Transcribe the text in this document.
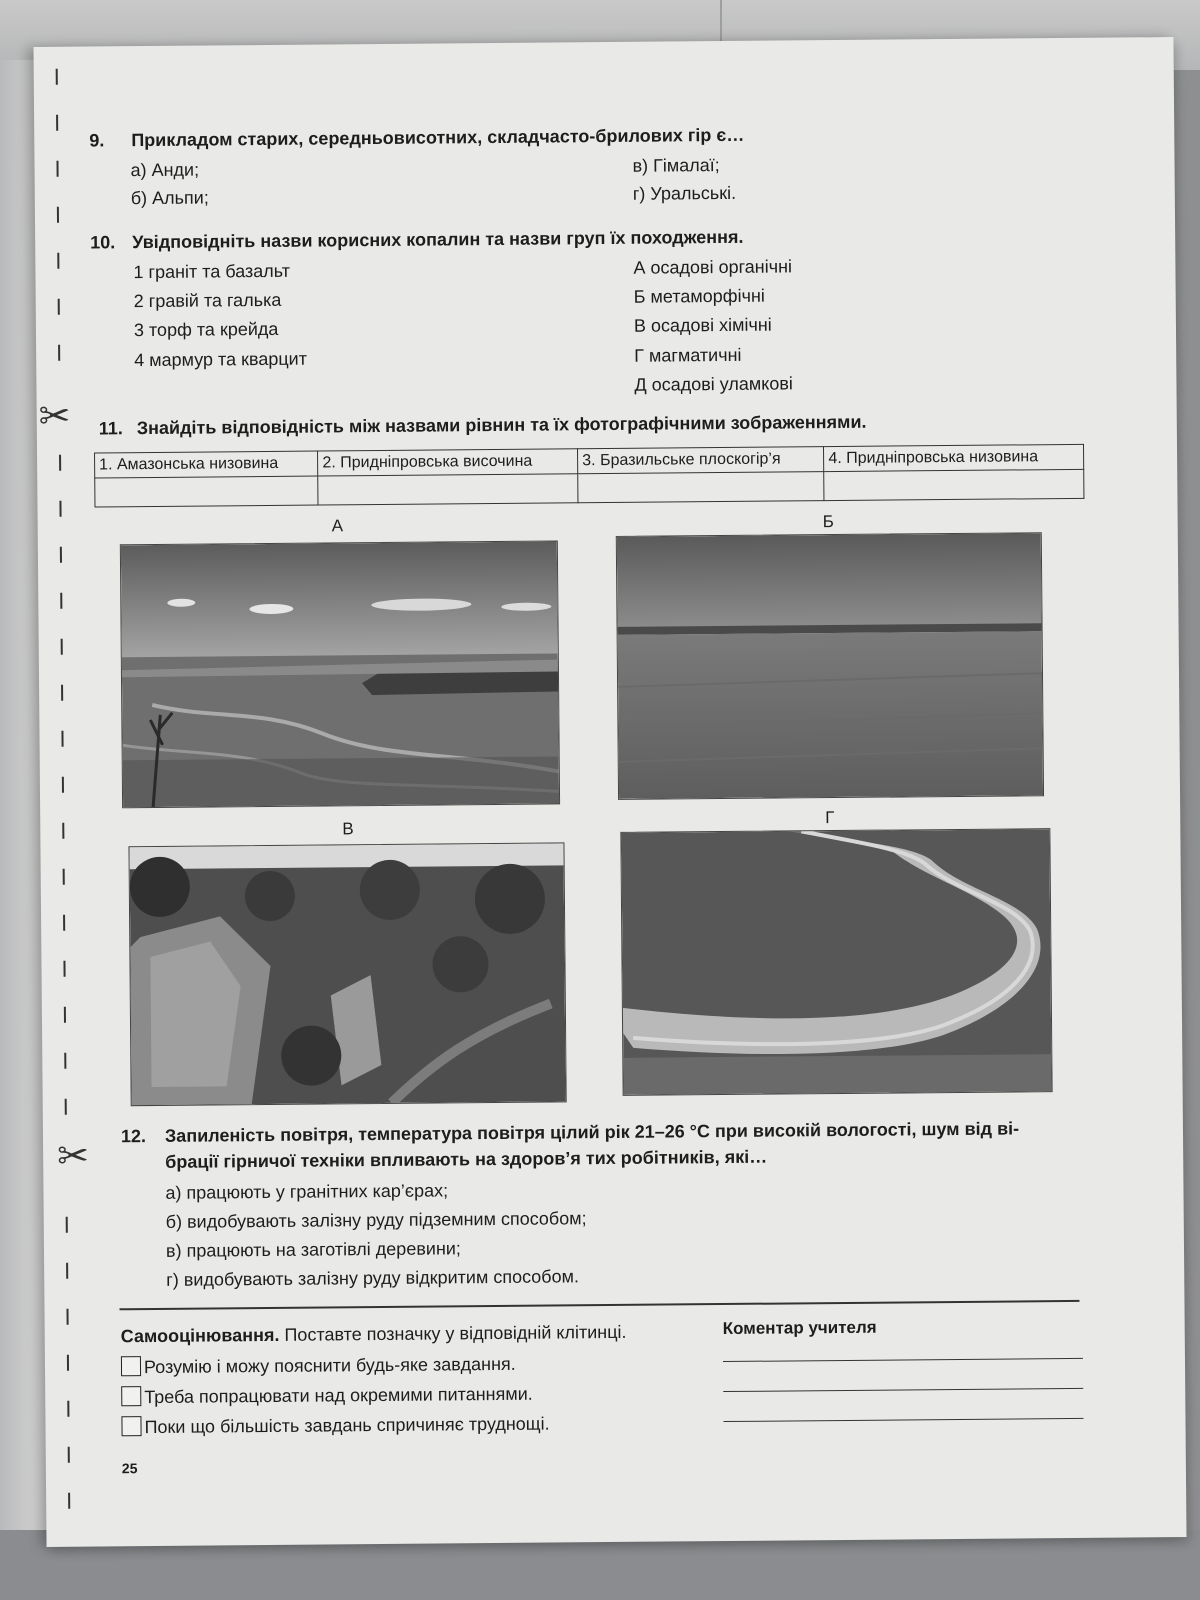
✂
✂
9. Прикладом старих, середньовисотних, складчасто-брилових гір є…
а) Анди;
б) Альпи;
в) Гімалаї;
г) Уральські.
10. Увідповідніть назви корисних копалин та назви груп їх походження.
1 граніт та базальт
2 гравій та галька
3 торф та крейда
4 мармур та кварцит
А осадові органічні
Б метаморфічні
В осадові хімічні
Г магматичні
Д осадові уламкові
11. Знайдіть відповідність між назвами рівнин та їх фотографічними зображеннями.
1. Амазонська низовина	2. Придніпровська височина	3. Бразильське плоскогір’я	4. Придніпровська низовина

А	Б
В
Г
12. Запиленість повітря, температура повітря цілий рік 21–26 °С при високій вологості, шум від ві-
брації гірничої техніки впливають на здоров’я тих робітників, які…
а) працюють у гранітних кар’єрах;
б) видобувають залізну руду підземним способом;
в) працюють на заготівлі деревини;
г) видобувають залізну руду відкритим способом.
Самооцінювання. Поставте позначку у відповідній клітинці.
Розумію і можу пояснити будь-яке завдання.
Треба попрацювати над окремими питаннями.
Поки що більшість завдань спричиняє труднощі.
Коментар учителя
25
